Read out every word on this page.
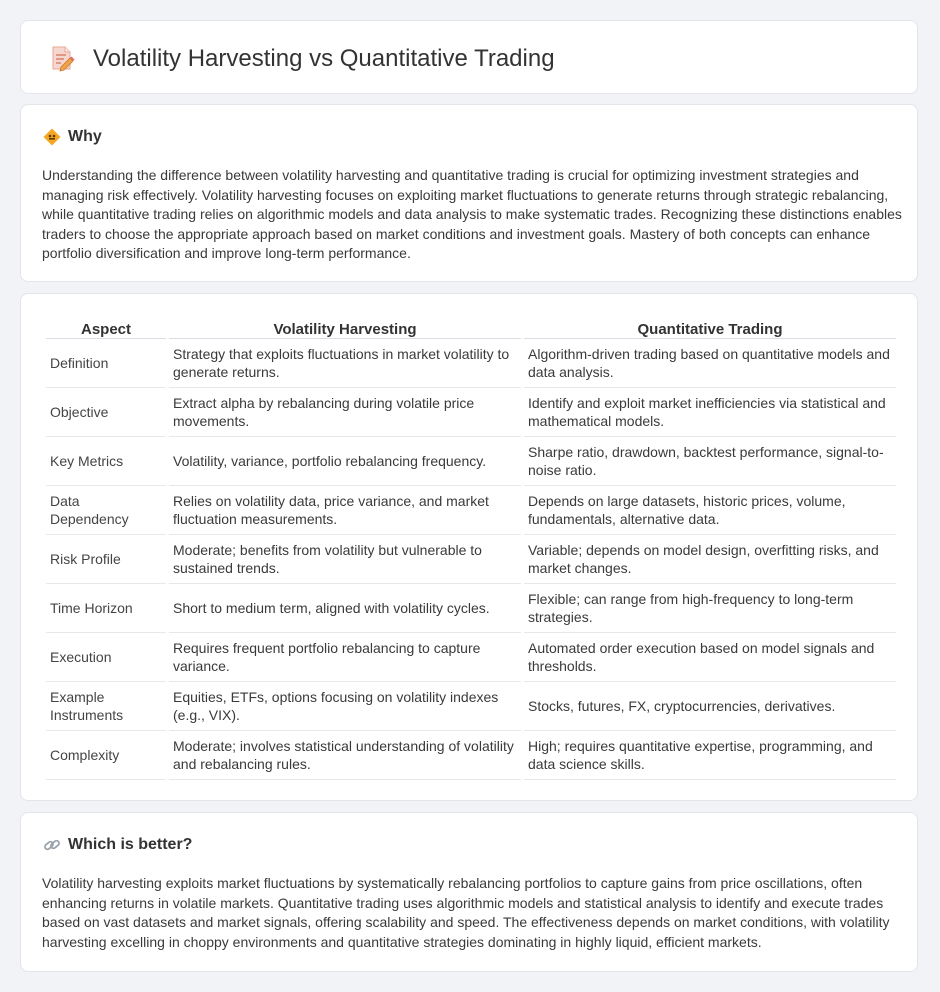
Volatility Harvesting vs Quantitative Trading
Why

Understanding the difference between volatility harvesting and quantitative trading is crucial for optimizing investment strategies and managing risk effectively. Volatility harvesting focuses on exploiting market fluctuations to generate returns through strategic rebalancing, while quantitative trading relies on algorithmic models and data analysis to make systematic trades. Recognizing these distinctions enables traders to choose the appropriate approach based on market conditions and investment goals. Mastery of both concepts can enhance portfolio diversification and improve long-term performance.

Aspect	Volatility Harvesting	Quantitative Trading
Definition	Strategy that exploits fluctuations in market volatility to generate returns.	Algorithm-driven trading based on quantitative models and data analysis.
Objective	Extract alpha by rebalancing during volatile price movements.	Identify and exploit market inefficiencies via statistical and mathematical models.
Key Metrics	Volatility, variance, portfolio rebalancing frequency.	Sharpe ratio, drawdown, backtest performance, signal-to-noise ratio.
Data Dependency	Relies on volatility data, price variance, and market fluctuation measurements.	Depends on large datasets, historic prices, volume, fundamentals, alternative data.
Risk Profile	Moderate; benefits from volatility but vulnerable to sustained trends.	Variable; depends on model design, overfitting risks, and market changes.
Time Horizon	Short to medium term, aligned with volatility cycles.	Flexible; can range from high-frequency to long-term strategies.
Execution	Requires frequent portfolio rebalancing to capture variance.	Automated order execution based on model signals and thresholds.
Example Instruments	Equities, ETFs, options focusing on volatility indexes (e.g., VIX).	Stocks, futures, FX, cryptocurrencies, derivatives.
Complexity	Moderate; involves statistical understanding of volatility and rebalancing rules.	High; requires quantitative expertise, programming, and data science skills.
Which is better?

Volatility harvesting exploits market fluctuations by systematically rebalancing portfolios to capture gains from price oscillations, often enhancing returns in volatile markets. Quantitative trading uses algorithmic models and statistical analysis to identify and execute trades based on vast datasets and market signals, offering scalability and speed. The effectiveness depends on market conditions, with volatility harvesting excelling in choppy environments and quantitative strategies dominating in highly liquid, efficient markets.
